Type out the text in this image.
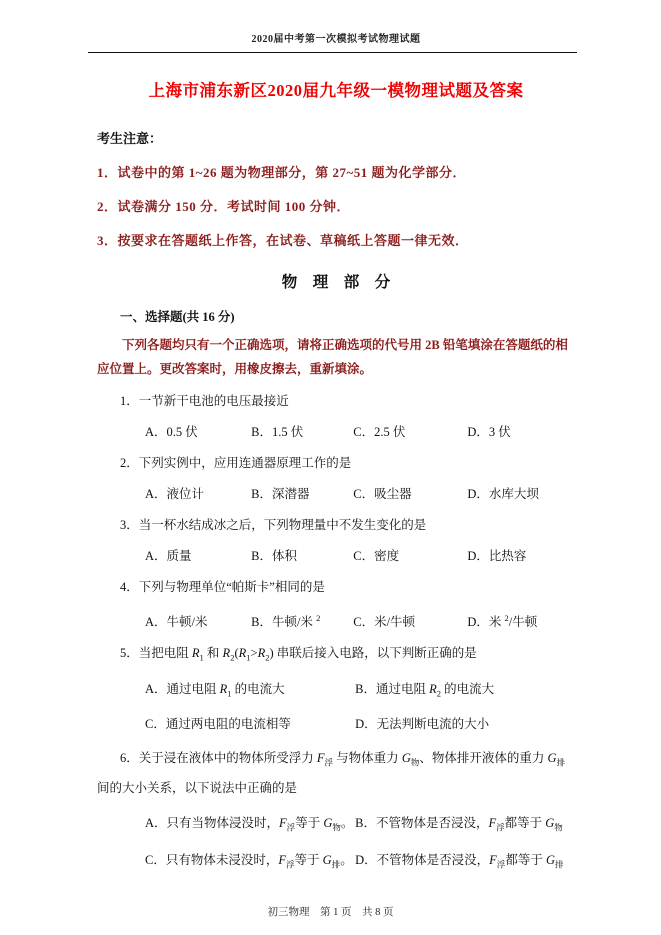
2020届中考第一次模拟考试物理试题
上海市浦东新区2020届九年级一模物理试题及答案
考生注意：
1．试卷中的第 1~26 题为物理部分，第 27~51 题为化学部分．
2．试卷满分 150 分．考试时间 100 分钟．
3．按要求在答题纸上作答，在试卷、草稿纸上答题一律无效．
物　理　部　分
一、选择题(共 16 分)

下列各题均只有一个正确选项，请将正确选项的代号用 2B 铅笔填涂在答题纸的相应位置上。更改答案时，用橡皮擦去，重新填涂。

1．一节新干电池的电压最接近
A．0.5 伏	B．1.5 伏	C．2.5 伏	D．3 伏
2．下列实例中，应用连通器原理工作的是
A．液位计	B．深潜器	C．吸尘器	D．水库大坝
3．当一杯水结成冰之后，下列物理量中不发生变化的是
A．质量	B．体积	C．密度	D．比热容
4．下列与物理单位“帕斯卡”相同的是
A．牛顿/米	B．牛顿/米 $^2$	C．米/牛顿	D．米 $^2$/牛顿
5．当把电阻 $R_1$ 和 $R_2(R_1>R_2)$ 串联后接入电路，以下判断正确的是
A．通过电阻 $R_1$ 的电流大	B．通过电阻 $R_2$ 的电流大
C．通过两电阻的电流相等	D．无法判断电流的大小
6．关于浸在液体中的物体所受浮力 $F_浮$ 与物体重力 $G_物$、物体排开液体的重力 $G_排$ 间的大小关系，以下说法中正确的是
A．只有当物体浸没时，$F_浮$等于 $G_物$。 B．不管物体是否浸没，$F_浮$都等于 $G_物$
C．只有物体未浸没时，$F_浮$等于 $G_排$。 D．不管物体是否浸没，$F_浮$都等于 $G_排$
初三物理　第 1 页　共 8 页
